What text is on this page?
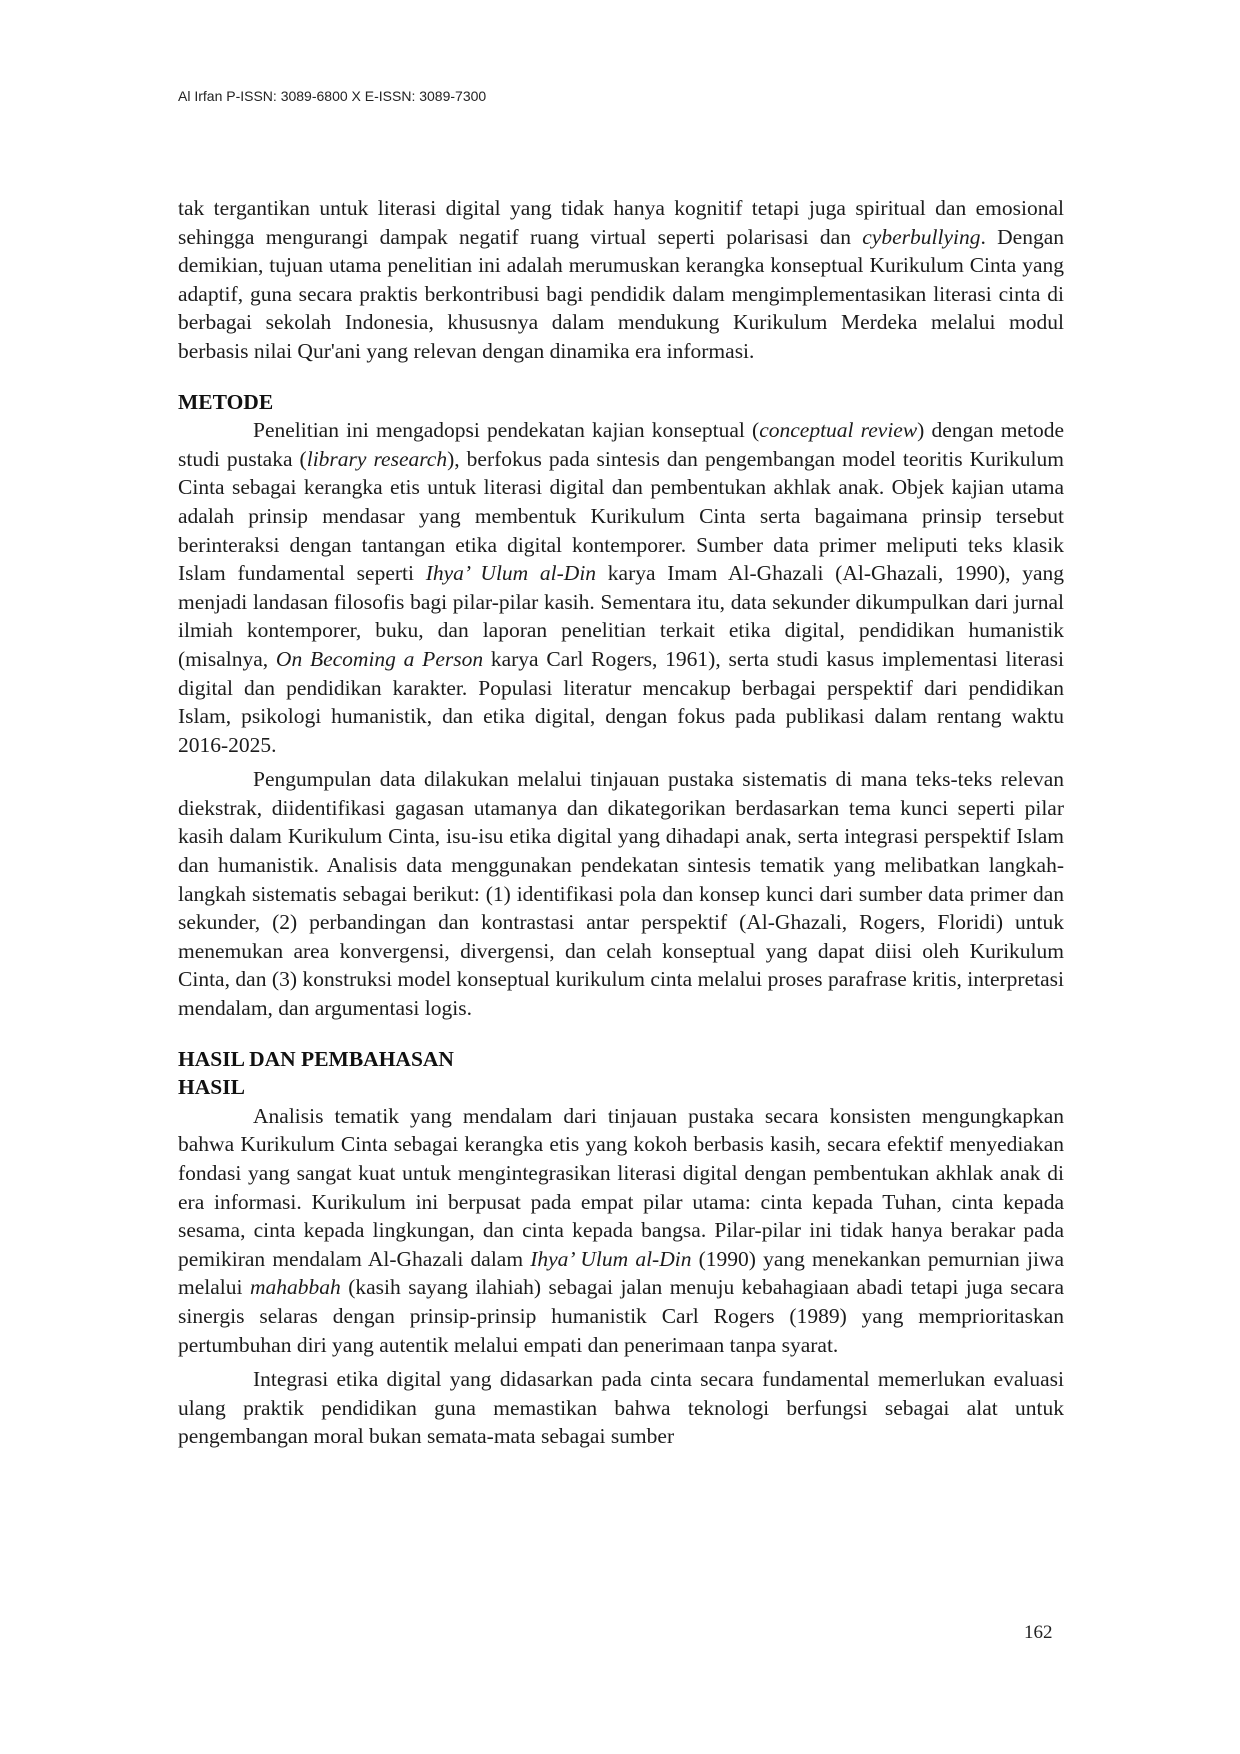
Al Irfan P-ISSN: 3089-6800 X E-ISSN: 3089-7300

tak tergantikan untuk literasi digital yang tidak hanya kognitif tetapi juga spiritual dan emosional sehingga mengurangi dampak negatif ruang virtual seperti polarisasi dan cyberbullying. Dengan demikian, tujuan utama penelitian ini adalah merumuskan kerangka konseptual Kurikulum Cinta yang adaptif, guna secara praktis berkontribusi bagi pendidik dalam mengimplementasikan literasi cinta di berbagai sekolah Indonesia, khususnya dalam mendukung Kurikulum Merdeka melalui modul berbasis nilai Qur'ani yang relevan dengan dinamika era informasi.

METODE

Penelitian ini mengadopsi pendekatan kajian konseptual (conceptual review) dengan metode studi pustaka (library research), berfokus pada sintesis dan pengembangan model teoritis Kurikulum Cinta sebagai kerangka etis untuk literasi digital dan pembentukan akhlak anak. Objek kajian utama adalah prinsip mendasar yang membentuk Kurikulum Cinta serta bagaimana prinsip tersebut berinteraksi dengan tantangan etika digital kontemporer. Sumber data primer meliputi teks klasik Islam fundamental seperti Ihya’ Ulum al-Din karya Imam Al-Ghazali (Al-Ghazali, 1990), yang menjadi landasan filosofis bagi pilar-pilar kasih. Sementara itu, data sekunder dikumpulkan dari jurnal ilmiah kontemporer, buku, dan laporan penelitian terkait etika digital, pendidikan humanistik (misalnya, On Becoming a Person karya Carl Rogers, 1961), serta studi kasus implementasi literasi digital dan pendidikan karakter. Populasi literatur mencakup berbagai perspektif dari pendidikan Islam, psikologi humanistik, dan etika digital, dengan fokus pada publikasi dalam rentang waktu 2016-2025.

Pengumpulan data dilakukan melalui tinjauan pustaka sistematis di mana teks-teks relevan diekstrak, diidentifikasi gagasan utamanya dan dikategorikan berdasarkan tema kunci seperti pilar kasih dalam Kurikulum Cinta, isu-isu etika digital yang dihadapi anak, serta integrasi perspektif Islam dan humanistik. Analisis data menggunakan pendekatan sintesis tematik yang melibatkan langkah-langkah sistematis sebagai berikut: (1) identifikasi pola dan konsep kunci dari sumber data primer dan sekunder, (2) perbandingan dan kontrastasi antar perspektif (Al-Ghazali, Rogers, Floridi) untuk menemukan area konvergensi, divergensi, dan celah konseptual yang dapat diisi oleh Kurikulum Cinta, dan (3) konstruksi model konseptual kurikulum cinta melalui proses parafrase kritis, interpretasi mendalam, dan argumentasi logis.

HASIL DAN PEMBAHASAN
HASIL

Analisis tematik yang mendalam dari tinjauan pustaka secara konsisten mengungkapkan bahwa Kurikulum Cinta sebagai kerangka etis yang kokoh berbasis kasih, secara efektif menyediakan fondasi yang sangat kuat untuk mengintegrasikan literasi digital dengan pembentukan akhlak anak di era informasi. Kurikulum ini berpusat pada empat pilar utama: cinta kepada Tuhan, cinta kepada sesama, cinta kepada lingkungan, dan cinta kepada bangsa. Pilar-pilar ini tidak hanya berakar pada pemikiran mendalam Al-Ghazali dalam Ihya’ Ulum al-Din (1990) yang menekankan pemurnian jiwa melalui mahabbah (kasih sayang ilahiah) sebagai jalan menuju kebahagiaan abadi tetapi juga secara sinergis selaras dengan prinsip-prinsip humanistik Carl Rogers (1989) yang memprioritaskan pertumbuhan diri yang autentik melalui empati dan penerimaan tanpa syarat.

Integrasi etika digital yang didasarkan pada cinta secara fundamental memerlukan evaluasi ulang praktik pendidikan guna memastikan bahwa teknologi berfungsi sebagai alat untuk pengembangan moral bukan semata-mata sebagai sumber

162
